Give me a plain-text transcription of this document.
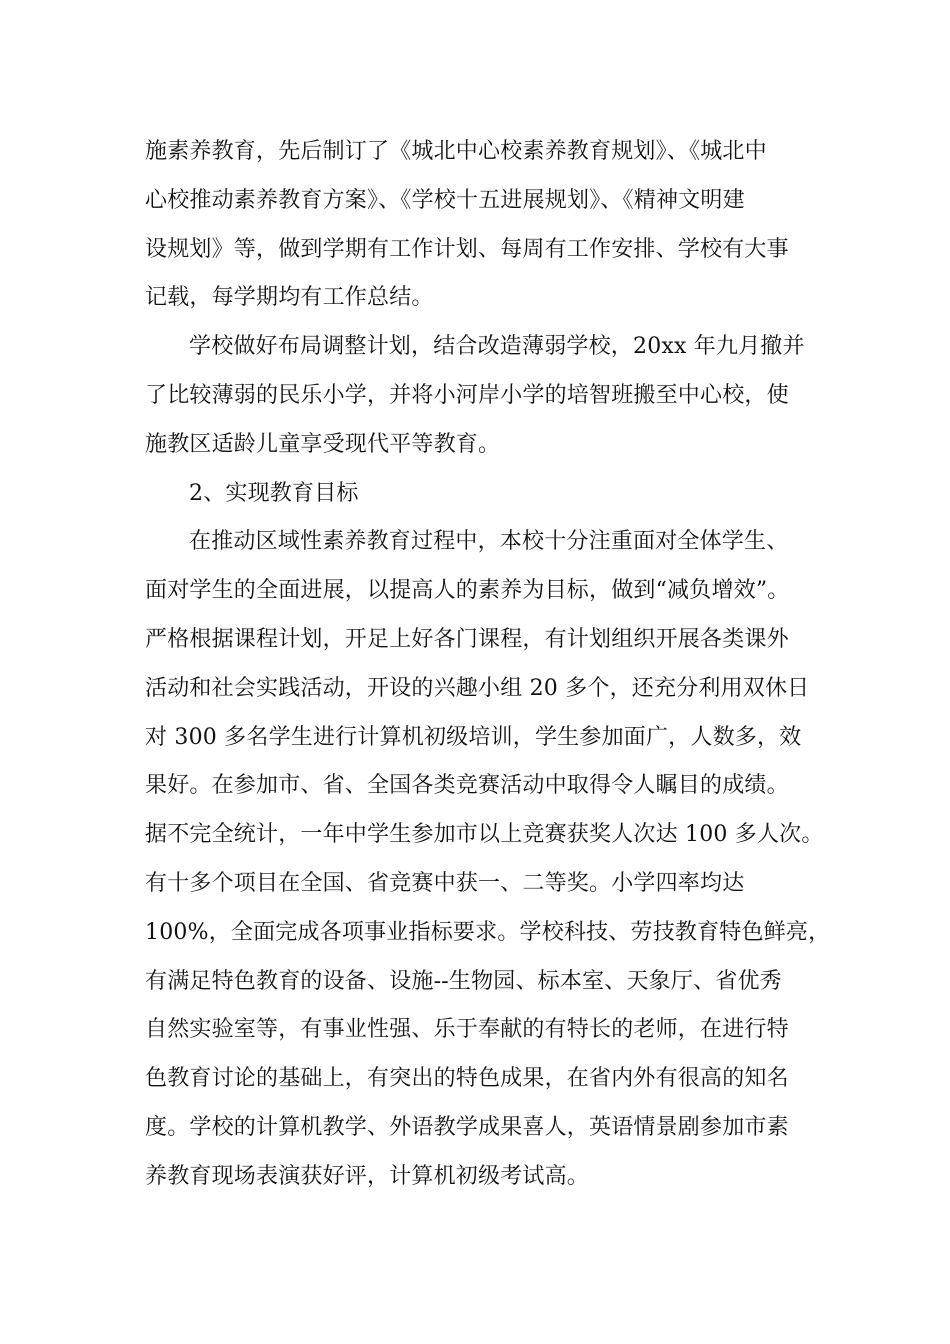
施素养教育，先后制订了《城北中心校素养教育规划》、《城北中
心校推动素养教育方案》、《学校十五进展规划》、《精神文明建
设规划》等，做到学期有工作计划、每周有工作安排、学校有大事
记载，每学期均有工作总结。
学校做好布局调整计划，结合改造薄弱学校，20xx 年九月撤并
了比较薄弱的民乐小学，并将小河岸小学的培智班搬至中心校，使
施教区适龄儿童享受现代平等教育。
2、实现教育目标
在推动区域性素养教育过程中，本校十分注重面对全体学生、
面对学生的全面进展，以提高人的素养为目标，做到“减负增效”。
严格根据课程计划，开足上好各门课程，有计划组织开展各类课外
活动和社会实践活动，开设的兴趣小组 20 多个，还充分利用双休日
对 300 多名学生进行计算机初级培训，学生参加面广，人数多，效
果好。在参加市、省、全国各类竞赛活动中取得令人瞩目的成绩。
据不完全统计，一年中学生参加市以上竞赛获奖人次达 100 多人次。
有十多个项目在全国、省竞赛中获一、二等奖。小学四率均达
100%，全面完成各项事业指标要求。学校科技、劳技教育特色鲜亮，
有满足特色教育的设备、设施--生物园、标本室、天象厅、省优秀
自然实验室等，有事业性强、乐于奉献的有特长的老师，在进行特
色教育讨论的基础上，有突出的特色成果，在省内外有很高的知名
度。学校的计算机教学、外语教学成果喜人，英语情景剧参加市素
养教育现场表演获好评，计算机初级考试高。
